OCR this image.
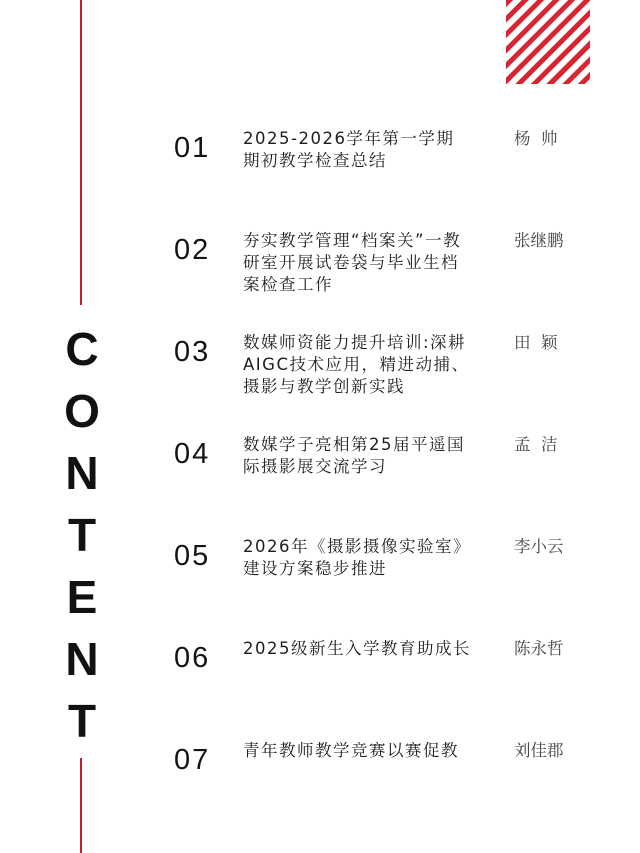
C
O
N
T
E
N
T
01 2025-2026学年第一学期
期初教学检查总结
杨  帅
02 夯实教学管理“档案关”一教
研室开展试卷袋与毕业生档
案检查工作
张继鹏
03 数媒师资能力提升培训:深耕
AIGC技术应用，精进动捕、
摄影与教学创新实践
田  颖
04 数媒学子亮相第25届平遥国
际摄影展交流学习
孟  洁
05 2026年《摄影摄像实验室》
建设方案稳步推进
李小云
06 2025级新生入学教育助成长	陈永哲
07 青年教师教学竞赛以赛促教	刘佳郡
